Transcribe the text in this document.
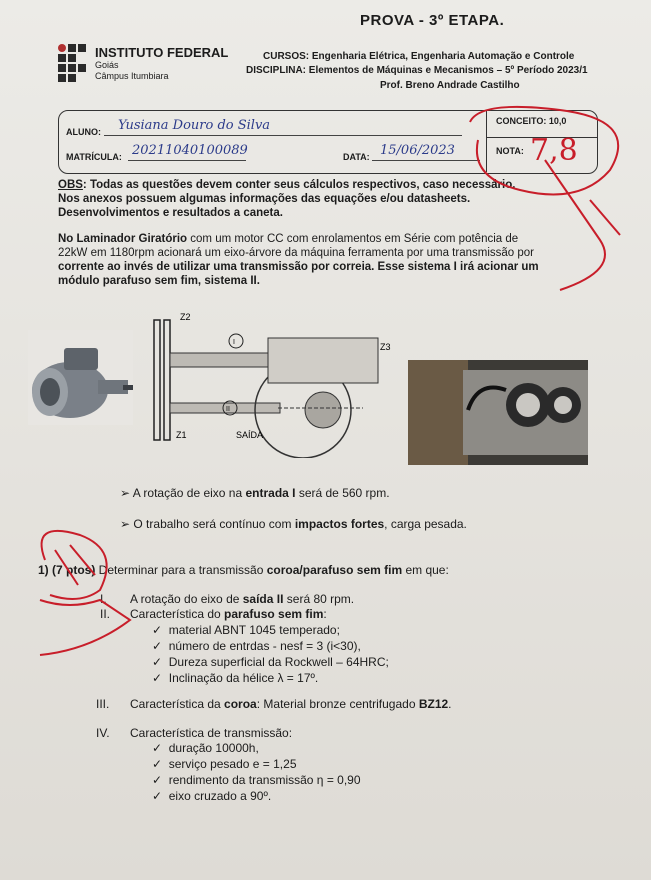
PROVA - 3º ETAPA.
INSTITUTO FEDERAL
Goiás
Câmpus Itumbiara
CURSOS: Engenharia Elétrica, Engenharia Automação e Controle
DISCIPLINA: Elementos de Máquinas e Mecanismos – 5º Período 2023/1
Prof. Breno Andrade Castilho
ALUNO: Yusiana Douro do Silva
MATRÍCULA: 20211040100089	DATA: 15/06/2023
CONCEITO: 10,0
NOTA: 7,8
OBS: Todas as questões devem conter seus cálculos respectivos, caso necessário.
Nos anexos possuem algumas informações das equações e/ou datasheets.
Desenvolvimentos e resultados a caneta.
No Laminador Giratório com um motor CC com enrolamentos em Série com potência de
22kW em 1180rpm acionará um eixo-árvore da máquina ferramenta por uma transmissão por
corrente ao invés de utilizar uma transmissão por correia. Esse sistema I irá acionar um
módulo parafuso sem fim, sistema II.
Z2
Z1
Z3
I
II
SAÍDA
➢ A rotação de eixo na entrada I será de 560 rpm.
➢ O trabalho será contínuo com impactos fortes, carga pesada.
1) (7 ptos) Determinar para a transmissão coroa/parafuso sem fim em que:
I. A rotação do eixo de saída II será 80 rpm.
II. Característica do parafuso sem fim:
✓ material ABNT 1045 temperado;
✓ número de entrdas - nesf = 3 (i<30),
✓ Dureza superficial da Rockwell – 64HRC;
✓ Inclinação da hélice λ = 17º.
III. Característica da coroa: Material bronze centrifugado BZ12.
IV. Característica de transmissão:
✓ duração 10000h,
✓ serviço pesado e = 1,25
✓ rendimento da transmissão η = 0,90
✓ eixo cruzado a 90º.
